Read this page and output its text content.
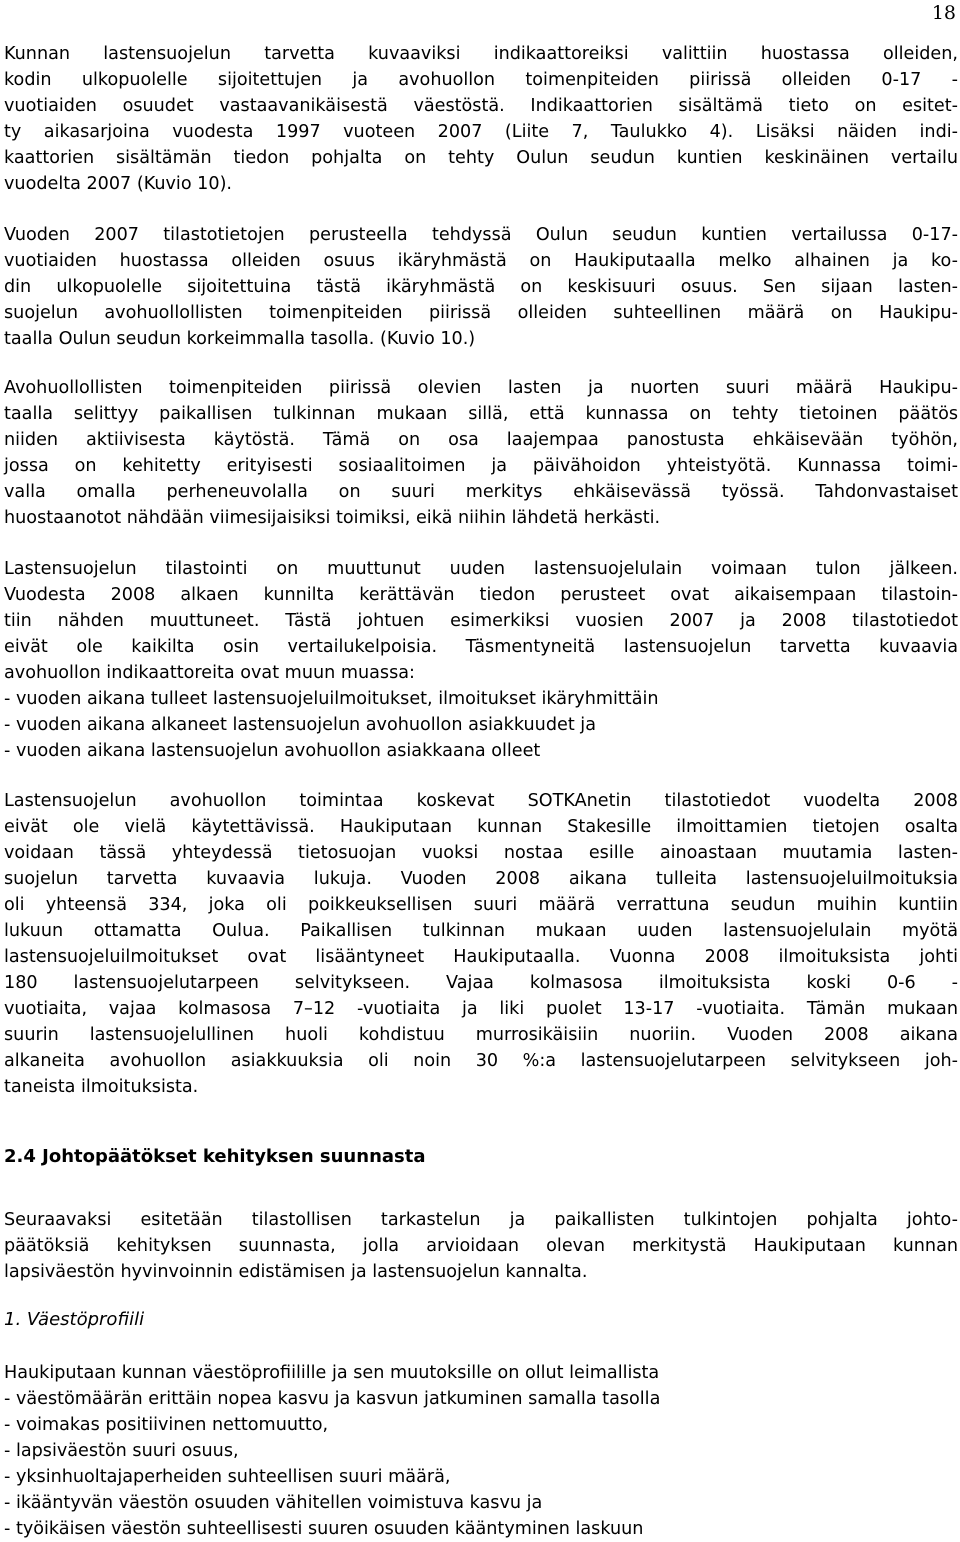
18
Kunnan lastensuojelun tarvetta kuvaaviksi indikaattoreiksi valittiin huostassa olleiden,
kodin ulkopuolelle sijoitettujen ja avohuollon toimenpiteiden piirissä olleiden 0-17 -
vuotiaiden osuudet vastaavanikäisestä väestöstä. Indikaattorien sisältämä tieto on esitet-
ty aikasarjoina vuodesta 1997 vuoteen 2007 (Liite 7, Taulukko 4). Lisäksi näiden indi-
kaattorien sisältämän tiedon pohjalta on tehty Oulun seudun kuntien keskinäinen vertailu
vuodelta 2007 (Kuvio 10).
Vuoden 2007 tilastotietojen perusteella tehdyssä Oulun seudun kuntien vertailussa 0-17-
vuotiaiden huostassa olleiden osuus ikäryhmästä on Haukiputaalla melko alhainen ja ko-
din ulkopuolelle sijoitettuina tästä ikäryhmästä on keskisuuri osuus. Sen sijaan lasten-
suojelun avohuollollisten toimenpiteiden piirissä olleiden suhteellinen määrä on Haukipu-
taalla Oulun seudun korkeimmalla tasolla. (Kuvio 10.)
Avohuollollisten toimenpiteiden piirissä olevien lasten ja nuorten suuri määrä Haukipu-
taalla selittyy paikallisen tulkinnan mukaan sillä, että kunnassa on tehty tietoinen päätös
niiden aktiivisesta käytöstä. Tämä on osa laajempaa panostusta ehkäisevään työhön,
jossa on kehitetty erityisesti sosiaalitoimen ja päivähoidon yhteistyötä. Kunnassa toimi-
valla omalla perheneuvolalla on suuri merkitys ehkäisevässä työssä. Tahdonvastaiset
huostaanotot nähdään viimesijaisiksi toimiksi, eikä niihin lähdetä herkästi.
Lastensuojelun tilastointi on muuttunut uuden lastensuojelulain voimaan tulon jälkeen.
Vuodesta 2008 alkaen kunnilta kerättävän tiedon perusteet ovat aikaisempaan tilastoin-
tiin nähden muuttuneet. Tästä johtuen esimerkiksi vuosien 2007 ja 2008 tilastotiedot
eivät ole kaikilta osin vertailukelpoisia. Täsmentyneitä lastensuojelun tarvetta kuvaavia
avohuollon indikaattoreita ovat muun muassa:
- vuoden aikana tulleet lastensuojeluilmoitukset, ilmoitukset ikäryhmittäin
- vuoden aikana alkaneet lastensuojelun avohuollon asiakkuudet ja
- vuoden aikana lastensuojelun avohuollon asiakkaana olleet
Lastensuojelun avohuollon toimintaa koskevat SOTKAnetin tilastotiedot vuodelta 2008
eivät ole vielä käytettävissä. Haukiputaan kunnan Stakesille ilmoittamien tietojen osalta
voidaan tässä yhteydessä tietosuojan vuoksi nostaa esille ainoastaan muutamia lasten-
suojelun tarvetta kuvaavia lukuja. Vuoden 2008 aikana tulleita lastensuojeluilmoituksia
oli yhteensä 334, joka oli poikkeuksellisen suuri määrä verrattuna seudun muihin kuntiin
lukuun ottamatta Oulua. Paikallisen tulkinnan mukaan uuden lastensuojelulain myötä
lastensuojeluilmoitukset ovat lisääntyneet Haukiputaalla. Vuonna 2008 ilmoituksista johti
180 lastensuojelutarpeen selvitykseen. Vajaa kolmasosa ilmoituksista koski 0-6 -
vuotiaita, vajaa kolmasosa 7–12 -vuotiaita ja liki puolet 13-17 -vuotiaita. Tämän mukaan
suurin lastensuojelullinen huoli kohdistuu murrosikäisiin nuoriin. Vuoden 2008 aikana
alkaneita avohuollon asiakkuuksia oli noin 30 %:a lastensuojelutarpeen selvitykseen joh-
taneista ilmoituksista.
2.4 Johtopäätökset kehityksen suunnasta
Seuraavaksi esitetään tilastollisen tarkastelun ja paikallisten tulkintojen pohjalta johto-
päätöksiä kehityksen suunnasta, jolla arvioidaan olevan merkitystä Haukiputaan kunnan
lapsiväestön hyvinvoinnin edistämisen ja lastensuojelun kannalta.
1. Väestöprofiili
Haukiputaan kunnan väestöprofiilille ja sen muutoksille on ollut leimallista
- väestömäärän erittäin nopea kasvu ja kasvun jatkuminen samalla tasolla
- voimakas positiivinen nettomuutto,
- lapsiväestön suuri osuus,
- yksinhuoltajaperheiden suhteellisen suuri määrä,
- ikääntyvän väestön osuuden vähitellen voimistuva kasvu ja
- työikäisen väestön suhteellisesti suuren osuuden kääntyminen laskuun
